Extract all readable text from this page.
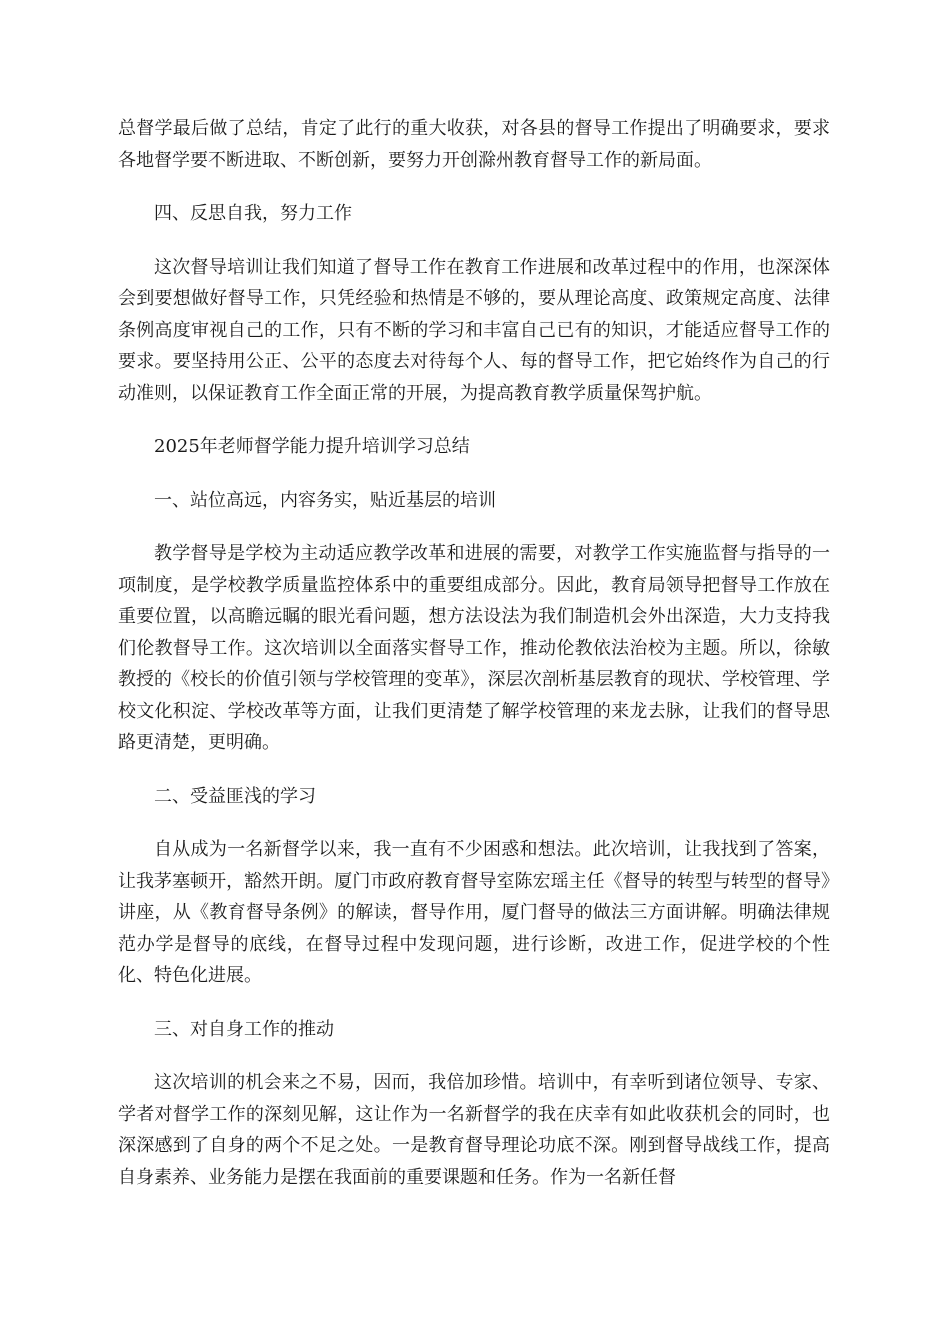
总督学最后做了总结，肯定了此行的重大收获，对各县的督导工作提出了明确要求，要求各地督学要不断进取、不断创新，要努力开创滁州教育督导工作的新局面。

四、反思自我，努力工作

这次督导培训让我们知道了督导工作在教育工作进展和改革过程中的作用，也深深体会到要想做好督导工作，只凭经验和热情是不够的，要从理论高度、政策规定高度、法律条例高度审视自己的工作，只有不断的学习和丰富自己已有的知识，才能适应督导工作的要求。要坚持用公正、公平的态度去对待每个人、每的督导工作，把它始终作为自己的行动准则，以保证教育工作全面正常的开展，为提高教育教学质量保驾护航。

2025年老师督学能力提升培训学习总结

一、站位高远，内容务实，贴近基层的培训

教学督导是学校为主动适应教学改革和进展的需要，对教学工作实施监督与指导的一项制度，是学校教学质量监控体系中的重要组成部分。因此，教育局领导把督导工作放在重要位置，以高瞻远瞩的眼光看问题，想方法设法为我们制造机会外出深造，大力支持我们伦教督导工作。这次培训以全面落实督导工作，推动伦教依法治校为主题。所以，徐敏教授的《校长的价值引领与学校管理的变革》，深层次剖析基层教育的现状、学校管理、学校文化积淀、学校改革等方面，让我们更清楚了解学校管理的来龙去脉，让我们的督导思路更清楚，更明确。

二、受益匪浅的学习

自从成为一名新督学以来，我一直有不少困惑和想法。此次培训，让我找到了答案，让我茅塞顿开，豁然开朗。厦门市政府教育督导室陈宏瑶主任《督导的转型与转型的督导》讲座，从《教育督导条例》的解读，督导作用，厦门督导的做法三方面讲解。明确法律规范办学是督导的底线，在督导过程中发现问题，进行诊断，改进工作，促进学校的个性化、特色化进展。

三、对自身工作的推动

这次培训的机会来之不易，因而，我倍加珍惜。培训中，有幸听到诸位领导、专家、学者对督学工作的深刻见解，这让作为一名新督学的我在庆幸有如此收获机会的同时，也深深感到了自身的两个不足之处。一是教育督导理论功底不深。刚到督导战线工作，提高自身素养、业务能力是摆在我面前的重要课题和任务。作为一名新任督
